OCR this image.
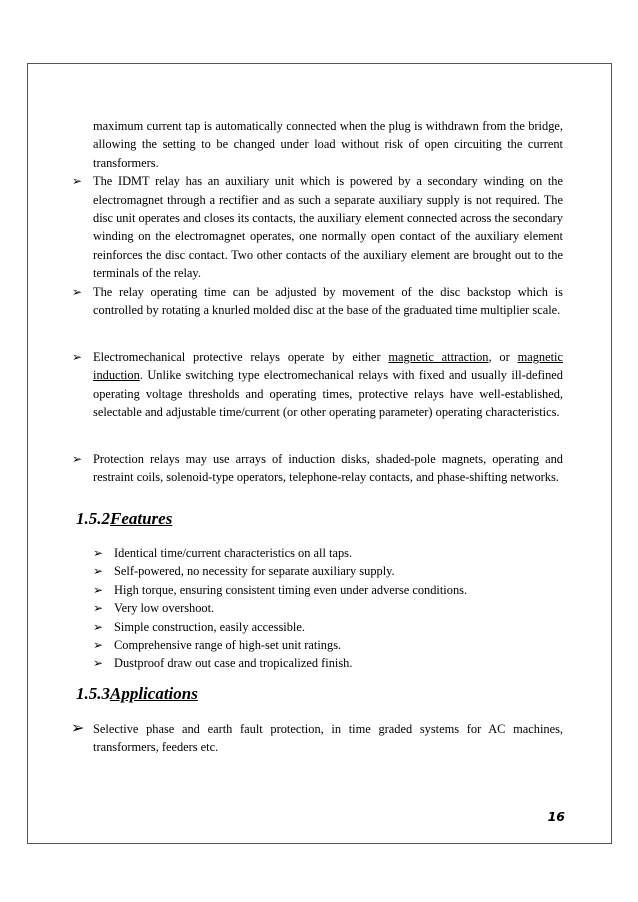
maximum current tap is automatically connected when the plug is withdrawn from the bridge, allowing the setting to be changed under load without risk of open circuiting the current transformers.

➢ The IDMT relay has an auxiliary unit which is powered by a secondary winding on the electromagnet through a rectifier and as such a separate auxiliary supply is not required. The disc unit operates and closes its contacts, the auxiliary element connected across the secondary winding on the electromagnet operates, one normally open contact of the auxiliary element reinforces the disc contact. Two other contacts of the auxiliary element are brought out to the terminals of the relay.

➢ The relay operating time can be adjusted by movement of the disc backstop which is controlled by rotating a knurled molded disc at the base of the graduated time multiplier scale.

➢ Electromechanical protective relays operate by either magnetic attraction, or magnetic induction. Unlike switching type electromechanical relays with fixed and usually ill-defined operating voltage thresholds and operating times, protective relays have well-established, selectable and adjustable time/current (or other operating parameter) operating characteristics.

➢ Protection relays may use arrays of induction disks, shaded-pole magnets, operating and restraint coils, solenoid-type operators, telephone-relay contacts, and phase-shifting networks.

1.5.2Features
➢ Identical time/current characteristics on all taps.
➢ Self-powered, no necessity for separate auxiliary supply.
➢ High torque, ensuring consistent timing even under adverse conditions.
➢ Very low overshoot.
➢ Simple construction, easily accessible.
➢ Comprehensive range of high-set unit ratings.
➢ Dustproof draw out case and tropicalized finish.
1.5.3Applications

➢ Selective phase and earth fault protection, in time graded systems for AC machines, transformers, feeders etc.

16
